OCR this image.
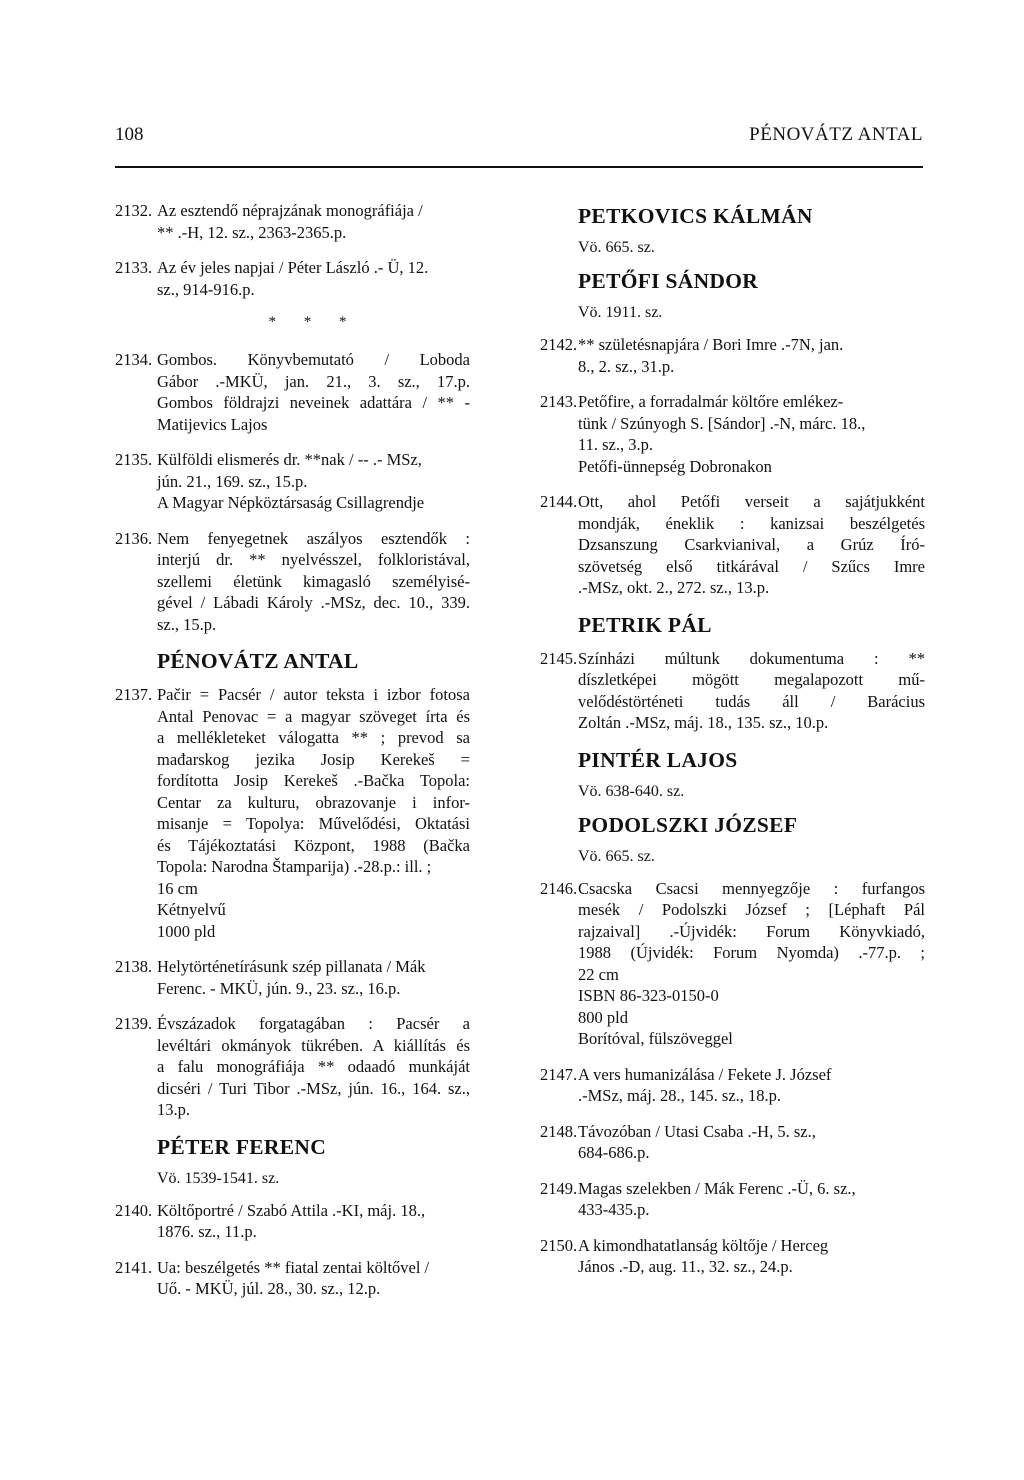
108	PÉNOVÁTZ ANTAL
2132. Az esztendő néprajzának monográfiája /
** .-H, 12. sz., 2363-2365.p.
2133. Az év jeles napjai / Péter László .- Ü, 12.
sz., 914-916.p.
* * *
2134. Gombos. Könyvbemutató / Loboda
Gábor .-MKÜ, jan. 21., 3. sz., 17.p.
Gombos földrajzi neveinek adattára / ** -
Matijevics Lajos
2135. Külföldi elismerés dr. **nak / -- .- MSz,
jún. 21., 169. sz., 15.p.
A Magyar Népköztársaság Csillagrendje
2136. Nem fenyegetnek aszályos esztendők :
interjú dr. ** nyelvésszel, folkloristával,
szellemi életünk kimagasló személyisé-
gével / Lábadi Károly .-MSz, dec. 10., 339.
sz., 15.p.
PÉNOVÁTZ ANTAL
2137. Pačir = Pacsér / autor teksta i izbor fotosa
Antal Penovac = a magyar szöveget írta és
a mellékleteket válogatta ** ; prevod sa
mađarskog jezika Josip Kerekeš =
fordította Josip Kerekeš .-Bačka Topola:
Centar za kulturu, obrazovanje i infor-
misanje = Topolya: Művelődési, Oktatási
és Tájékoztatási Központ, 1988 (Bačka
Topola: Narodna Štamparija) .-28.p.: ill. ;
16 cm
Kétnyelvű
1000 pld
2138. Helytörténetírásunk szép pillanata / Mák
Ferenc. - MKÜ, jún. 9., 23. sz., 16.p.
2139. Évszázadok forgatagában : Pacsér a
levéltári okmányok tükrében. A kiállítás és
a falu monográfiája ** odaadó munkáját
dicséri / Turi Tibor .-MSz, jún. 16., 164. sz.,
13.p.
PÉTER FERENC
Vö. 1539-1541. sz.
2140. Költőportré / Szabó Attila .-KI, máj. 18.,
1876. sz., 11.p.
2141. Ua: beszélgetés ** fiatal zentai költővel /
Uő. - MKÜ, júl. 28., 30. sz., 12.p.
PETKOVICS KÁLMÁN
Vö. 665. sz.
PETŐFI SÁNDOR
Vö. 1911. sz.
2142. ** születésnapjára / Bori Imre .-7N, jan.
8., 2. sz., 31.p.
2143. Petőfire, a forradalmár költőre emlékez-
tünk / Szúnyogh S. [Sándor] .-N, márc. 18.,
11. sz., 3.p.
Petőfi-ünnepség Dobronakon
2144. Ott, ahol Petőfi verseit a sajátjukként
mondják, éneklik : kanizsai beszélgetés
Dzsanszung Csarkvianival, a Grúz Író-
szövetség első titkárával / Szűcs Imre
.-MSz, okt. 2., 272. sz., 13.p.
PETRIK PÁL
2145. Színházi múltunk dokumentuma : **
díszletképei mögött megalapozott mű-
velődéstörténeti tudás áll / Barácius
Zoltán .-MSz, máj. 18., 135. sz., 10.p.
PINTÉR LAJOS
Vö. 638-640. sz.
PODOLSZKI JÓZSEF
Vö. 665. sz.
2146. Csacska Csacsi mennyegzője : furfangos
mesék / Podolszki József ; [Léphaft Pál
rajzaival] .-Újvidék: Forum Könyvkiadó,
1988 (Újvidék: Forum Nyomda) .-77.p. ;
22 cm
ISBN 86-323-0150-0
800 pld
Borítóval, fülszöveggel
2147. A vers humanizálása / Fekete J. József
.-MSz, máj. 28., 145. sz., 18.p.
2148. Távozóban / Utasi Csaba .-H, 5. sz.,
684-686.p.
2149. Magas szelekben / Mák Ferenc .-Ü, 6. sz.,
433-435.p.
2150. A kimondhatatlanság költője / Herceg
János .-D, aug. 11., 32. sz., 24.p.
